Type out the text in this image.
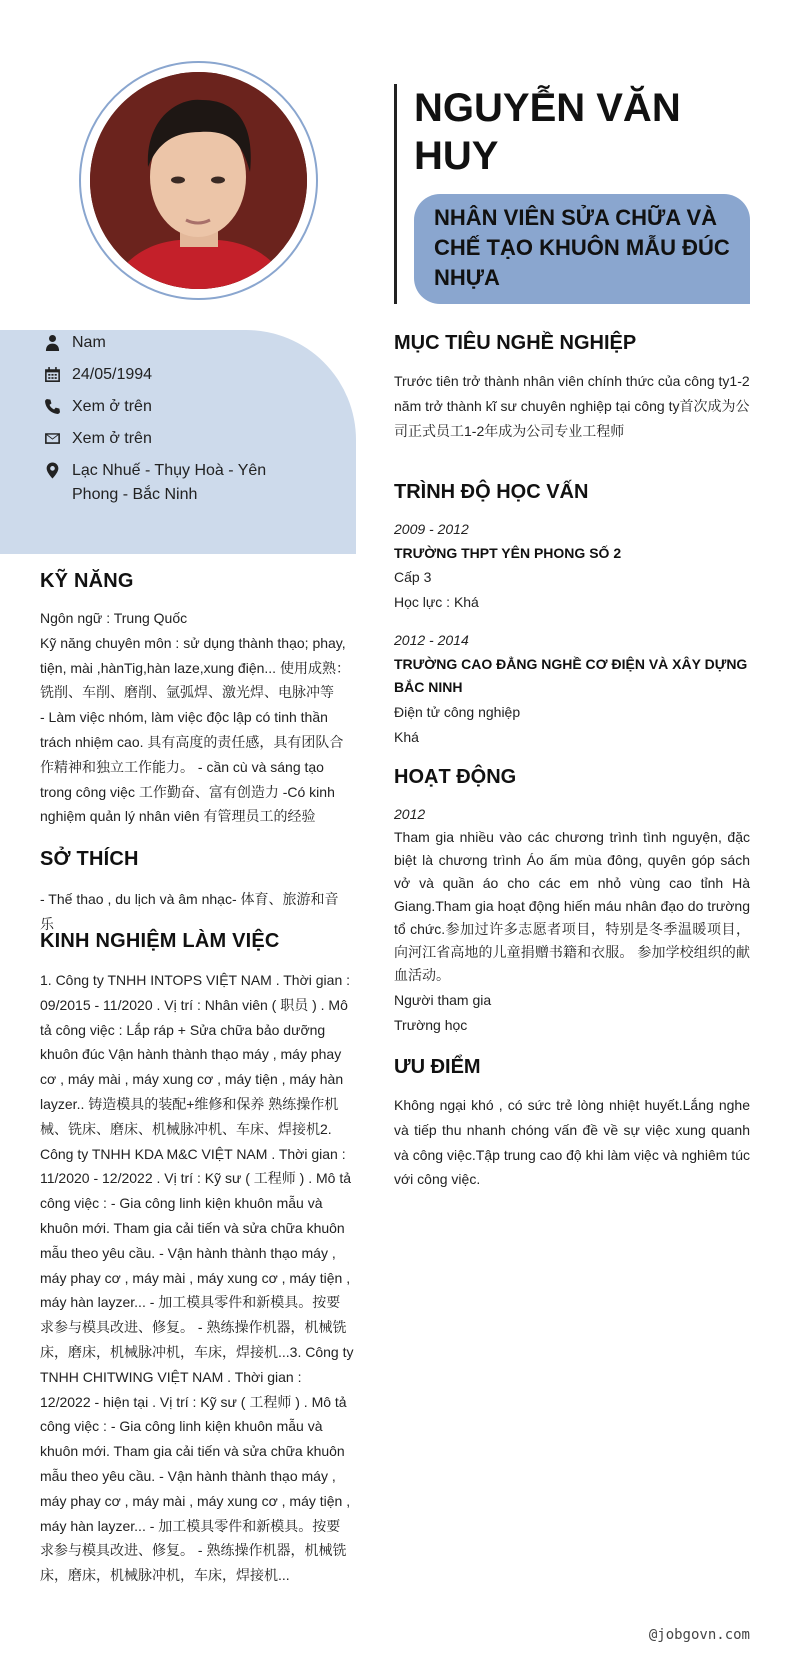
Nam
24/05/1994
Xem ở trên
Xem ở trên
Lạc Nhuế - Thụy Hoà - Yên Phong - Bắc Ninh
KỸ NĂNG
Ngôn ngữ : Trung Quốc
Kỹ năng chuyên môn : sử dụng thành thạo; phay, tiện, mài ,hànTig,hàn laze,xung điện... 使用成熟：铣削、车削、磨削、氩弧焊、激光焊、电脉冲等
- Làm việc nhóm, làm việc độc lập có tinh thần trách nhiệm cao. 具有高度的责任感，具有团队合作精神和独立工作能力。 - cần cù và sáng tạo trong công việc 工作勤奋、富有创造力 -Có kinh nghiệm quản lý nhân viên 有管理员工的经验
SỞ THÍCH
- Thế thao , du lịch và âm nhạc- 体育、旅游和音乐
KINH NGHIỆM LÀM VIỆC
1. Công ty TNHH INTOPS VIỆT NAM . Thời gian : 09/2015 - 11/2020 . Vị trí : Nhân viên ( 职员 ) . Mô tả công việc : Lắp ráp + Sửa chữa bảo dưỡng khuôn đúc Vận hành thành thạo máy , máy phay cơ , máy mài , máy xung cơ , máy tiện , máy hàn layzer.. 铸造模具的装配+维修和保养 熟练操作机械、铣床、磨床、机械脉冲机、车床、焊接机2. Công ty TNHH KDA M&C VIỆT NAM . Thời gian : 11/2020 - 12/2022 . Vị trí : Kỹ sư ( 工程师 ) . Mô tả công việc : - Gia công linh kiện khuôn mẫu và khuôn mới. Tham gia cải tiến và sửa chữa khuôn mẫu theo yêu cầu. - Vận hành thành thạo máy , máy phay cơ , máy mài , máy xung cơ , máy tiện , máy hàn layzer... - 加工模具零件和新模具。按要求参与模具改进、修复。 - 熟练操作机器，机械铣床，磨床，机械脉冲机，车床，焊接机...3. Công ty TNHH CHITWING VIỆT NAM . Thời gian : 12/2022 - hiện tại . Vị trí : Kỹ sư ( 工程师 ) . Mô tả công việc : - Gia công linh kiện khuôn mẫu và khuôn mới. Tham gia cải tiến và sửa chữa khuôn mẫu theo yêu cầu. - Vận hành thành thạo máy , máy phay cơ , máy mài , máy xung cơ , máy tiện , máy hàn layzer... - 加工模具零件和新模具。按要求参与模具改进、修复。 - 熟练操作机器，机械铣床，磨床，机械脉冲机，车床，焊接机...
NGUYỄN VĂN HUY
NHÂN VIÊN SỬA CHỮA VÀ CHẾ TẠO KHUÔN MẪU ĐÚC NHỰA
MỤC TIÊU NGHỀ NGHIỆP
Trước tiên trở thành nhân viên chính thức của công ty1-2 năm trở thành kĩ sư chuyên nghiệp tại công ty首次成为公司正式员工1-2年成为公司专业工程师
TRÌNH ĐỘ HỌC VẤN
2009 - 2012
TRƯỜNG THPT YÊN PHONG SỐ 2
Cấp 3
Học lực : Khá
2012 - 2014
TRƯỜNG CAO ĐẲNG NGHỀ CƠ ĐIỆN VÀ XÂY DỰNG BẮC NINH
Điện tử công nghiệp
Khá
HOẠT ĐỘNG
2012
Tham gia nhiều vào các chương trình tình nguyện, đặc biệt là chương trình Áo ấm mùa đông, quyên góp sách vở và quần áo cho các em nhỏ vùng cao tỉnh Hà Giang.Tham gia hoạt động hiến máu nhân đạo do trường tổ chức.参加过许多志愿者项目，特别是冬季温暖项目，向河江省高地的儿童捐赠书籍和衣服。 参加学校组织的献血活动。
Người tham gia
Trường học
ƯU ĐIỂM
Không ngại khó , có sức trẻ lòng nhiệt huyết.Lắng nghe và tiếp thu nhanh chóng vấn đề về sự việc xung quanh và công việc.Tập trung cao độ khi làm việc và nghiêm túc với công việc.
@jobgovn.com
